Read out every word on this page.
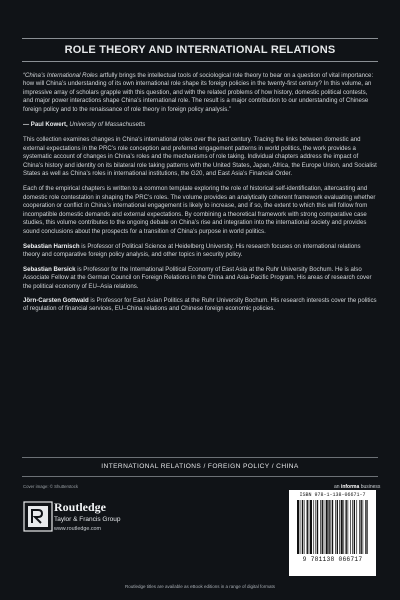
ROLE THEORY AND INTERNATIONAL RELATIONS

“China’s International Roles artfully brings the intellectual tools of sociological role theory to bear on a question of vital importance: how will China’s understanding of its own international role shape its foreign policies in the twenty-first century? In this volume, an impressive array of scholars grapple with this question, and with the related problems of how history, domestic political contests, and major power interactions shape China’s international role. The result is a major contribution to our understanding of Chinese foreign policy and to the renaissance of role theory in foreign policy analysis.”

— Paul Kowert, University of Massachusetts

This collection examines changes in China’s international roles over the past century. Tracing the links between domestic and external expectations in the PRC’s role conception and preferred engagement patterns in world politics, the work provides a systematic account of changes in China’s roles and the mechanisms of role taking. Individual chapters address the impact of China’s history and identity on its bilateral role taking patterns with the United States, Japan, Africa, the Europe Union, and Socialist States as well as China’s roles in international institutions, the G20, and East Asia’s Financial Order.

Each of the empirical chapters is written to a common template exploring the role of historical self-identification, altercasting and domestic role contestation in shaping the PRC’s roles. The volume provides an analytically coherent framework evaluating whether cooperation or conflict in China’s international engagement is likely to increase, and if so, the extent to which this will follow from incompatible domestic demands and external expectations. By combining a theoretical framework with strong comparative case studies, this volume contributes to the ongoing debate on China’s rise and integration into the international society and provides sound conclusions about the prospects for a transition of China’s purpose in world politics.

Sebastian Harnisch is Professor of Political Science at Heidelberg University. His research focuses on international relations theory and comparative foreign policy analysis, and other topics in security policy.

Sebastian Bersick is Professor for the International Political Economy of East Asia at the Ruhr University Bochum. He is also Associate Fellow at the German Council on Foreign Relations in the China and Asia-Pacific Program. His areas of research cover the political economy of EU–Asia relations.

Jörn-Carsten Gottwald is Professor for East Asian Politics at the Ruhr University Bochum. His research interests cover the politics of regulation of financial services, EU–China relations and Chinese foreign economic policies.

INTERNATIONAL RELATIONS / FOREIGN POLICY / CHINA
Cover image: © Shutterstock
Routledge
Taylor & Francis Group
www.routledge.com
an informa business
ISBN 978-1-138-06671-7
9 781138 066717
Routledge titles are available as eBook editions in a range of digital formats
